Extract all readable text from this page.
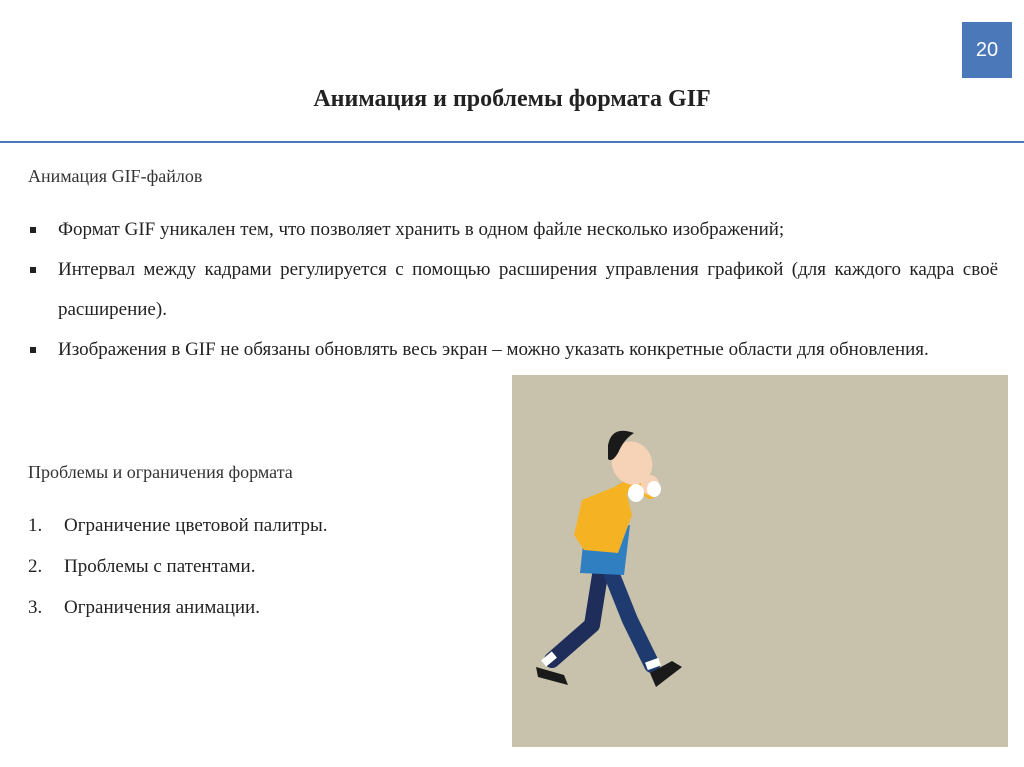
20
Анимация и проблемы формата GIF
Анимация GIF-файлов
Формат GIF уникален тем, что позволяет хранить в одном файле несколько изображений;
Интервал между кадрами регулируется с помощью расширения управления графикой (для каждого кадра своё расширение).
Изображения в GIF не обязаны обновлять весь экран – можно указать конкретные области для обновления.
Проблемы и ограничения формата
1. Ограничение цветовой палитры.
2. Проблемы с патентами.
3. Ограничения анимации.
